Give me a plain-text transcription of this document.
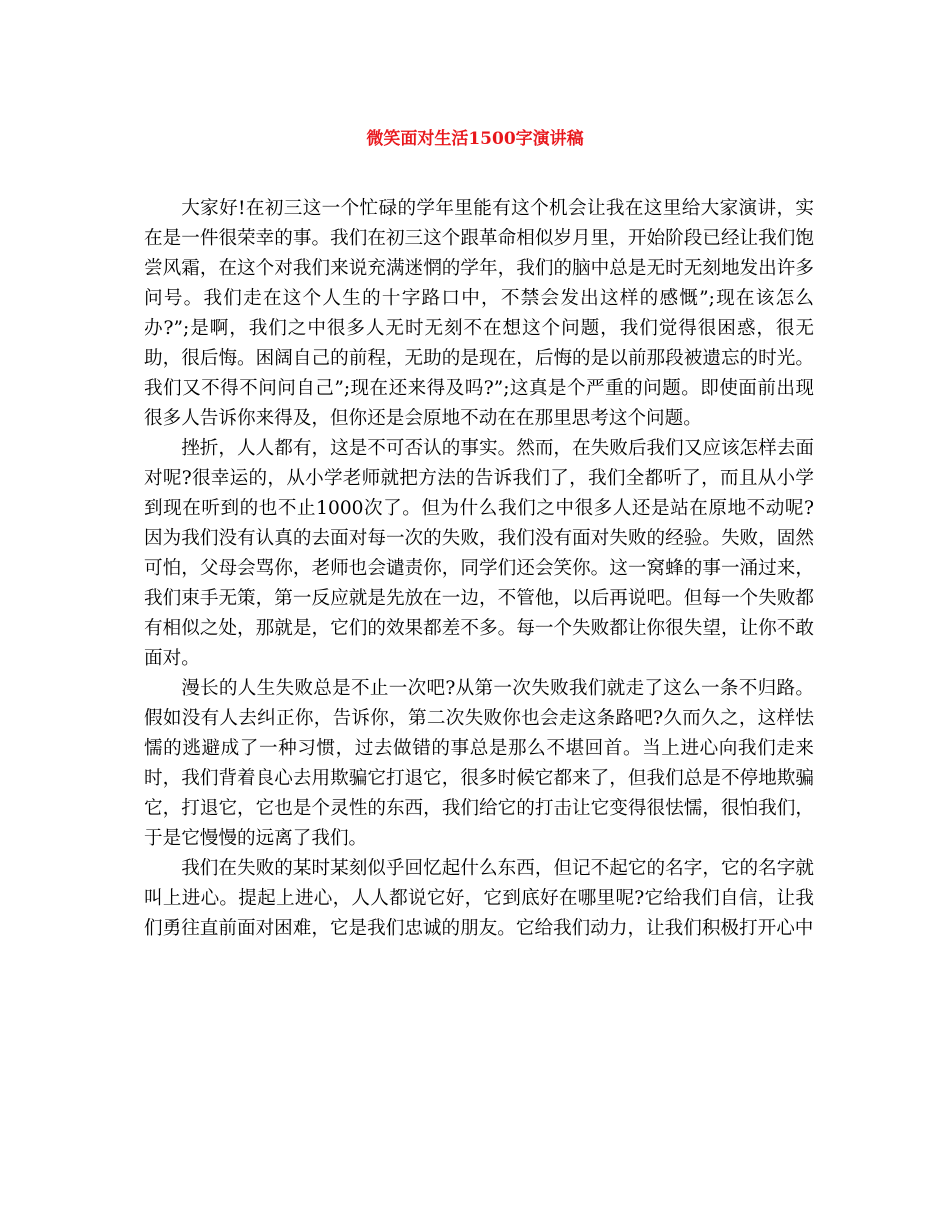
微笑面对生活1500字演讲稿

大家好!在初三这一个忙碌的学年里能有这个机会让我在这里给大家演讲，实在是一件很荣幸的事。我们在初三这个跟革命相似岁月里，开始阶段已经让我们饱尝风霜，在这个对我们来说充满迷惘的学年，我们的脑中总是无时无刻地发出许多问号。我们走在这个人生的十字路口中，不禁会发出这样的感慨”;现在该怎么办?”;是啊，我们之中很多人无时无刻不在想这个问题，我们觉得很困惑，很无助，很后悔。困阔自己的前程，无助的是现在，后悔的是以前那段被遗忘的时光。我们又不得不问问自己”;现在还来得及吗?”;这真是个严重的问题。即使面前出现很多人告诉你来得及，但你还是会原地不动在在那里思考这个问题。

挫折，人人都有，这是不可否认的事实。然而，在失败后我们又应该怎样去面对呢?很幸运的，从小学老师就把方法的告诉我们了，我们全都听了，而且从小学到现在听到的也不止1000次了。但为什么我们之中很多人还是站在原地不动呢?因为我们没有认真的去面对每一次的失败，我们没有面对失败的经验。失败，固然可怕，父母会骂你，老师也会谴责你，同学们还会笑你。这一窝蜂的事一涌过来，我们束手无策，第一反应就是先放在一边，不管他，以后再说吧。但每一个失败都有相似之处，那就是，它们的效果都差不多。每一个失败都让你很失望，让你不敢面对。

漫长的人生失败总是不止一次吧?从第一次失败我们就走了这么一条不归路。假如没有人去纠正你，告诉你，第二次失败你也会走这条路吧?久而久之，这样怯懦的逃避成了一种习惯，过去做错的事总是那么不堪回首。当上进心向我们走来时，我们背着良心去用欺骗它打退它，很多时候它都来了，但我们总是不停地欺骗它，打退它，它也是个灵性的东西，我们给它的打击让它变得很怯懦，很怕我们，于是它慢慢的远离了我们。

我们在失败的某时某刻似乎回忆起什么东西，但记不起它的名字，它的名字就叫上进心。提起上进心，人人都说它好，它到底好在哪里呢?它给我们自信，让我们勇往直前面对困难，它是我们忠诚的朋友。它给我们动力，让我们积极打开心中
